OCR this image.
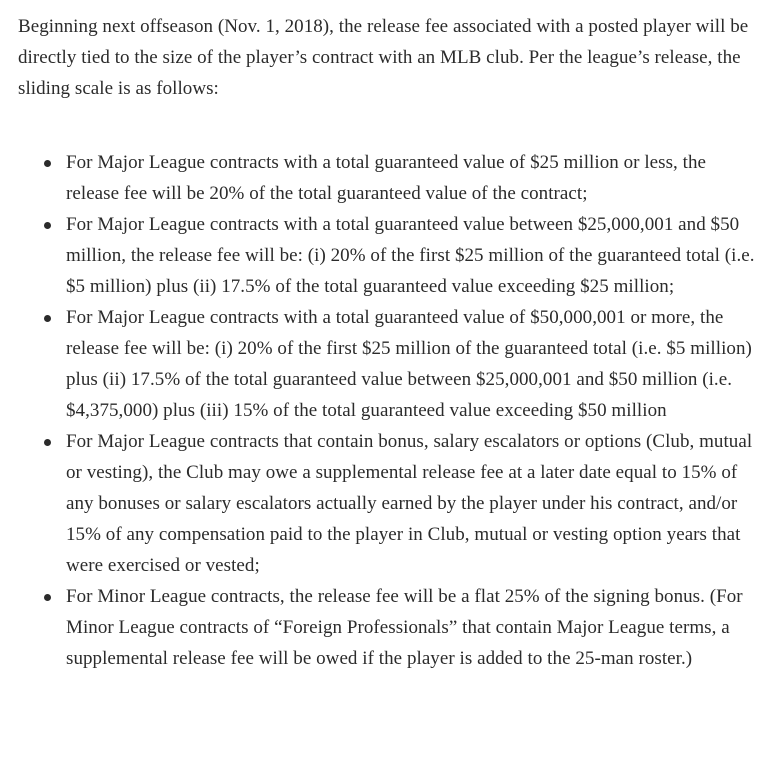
Beginning next offseason (Nov. 1, 2018), the release fee associated with a posted player will be directly tied to the size of the player’s contract with an MLB club. Per the league’s release, the sliding scale is as follows:

For Major League contracts with a total guaranteed value of $25 million or less, the release fee will be 20% of the total guaranteed value of the contract;
For Major League contracts with a total guaranteed value between $25,000,001 and $50 million, the release fee will be: (i) 20% of the first $25 million of the guaranteed total (i.e. $5 million) plus (ii) 17.5% of the total guaranteed value exceeding $25 million;
For Major League contracts with a total guaranteed value of $50,000,001 or more, the release fee will be: (i) 20% of the first $25 million of the guaranteed total (i.e. $5 million) plus (ii) 17.5% of the total guaranteed value between $25,000,001 and $50 million (i.e. $4,375,000) plus (iii) 15% of the total guaranteed value exceeding $50 million
For Major League contracts that contain bonus, salary escalators or options (Club, mutual or vesting), the Club may owe a supplemental release fee at a later date equal to 15% of any bonuses or salary escalators actually earned by the player under his contract, and/or 15% of any compensation paid to the player in Club, mutual or vesting option years that were exercised or vested;
For Minor League contracts, the release fee will be a flat 25% of the signing bonus. (For Minor League contracts of “Foreign Professionals” that contain Major League terms, a supplemental release fee will be owed if the player is added to the 25-man roster.)
